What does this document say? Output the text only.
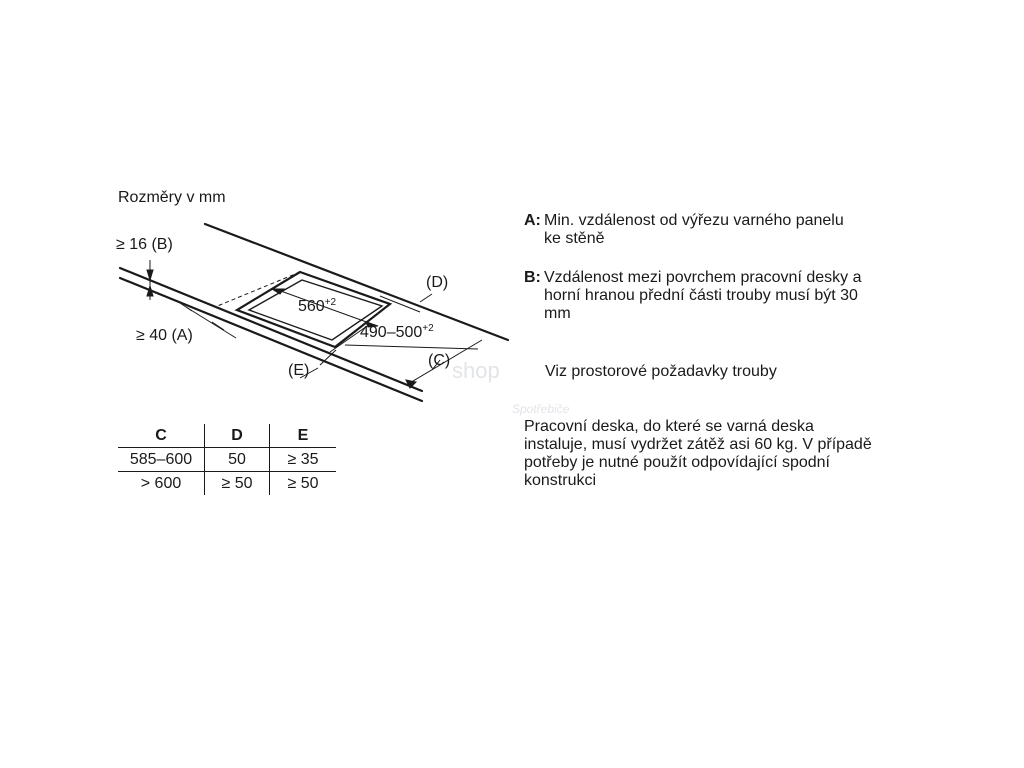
Rozměry v mm
≥ 16 (B)
≥ 40 (A)
(D)
(C)
(E)
$560^{+2}$
$490-500^{+2}$
shop
Spotřebiče
C	D	E
585–600	50	≥ 35
> 600	≥ 50	≥ 50
A: Min. vzdálenost od výřezu varného panelu ke stěně
B: Vzdálenost mezi povrchem pracovní desky a horní hranou přední části trouby musí být 30 mm
Viz prostorové požadavky trouby
Pracovní deska, do které se varná deska instaluje, musí vydržet zátěž asi 60 kg. V případě potřeby je nutné použít odpovídající spodní konstrukci
